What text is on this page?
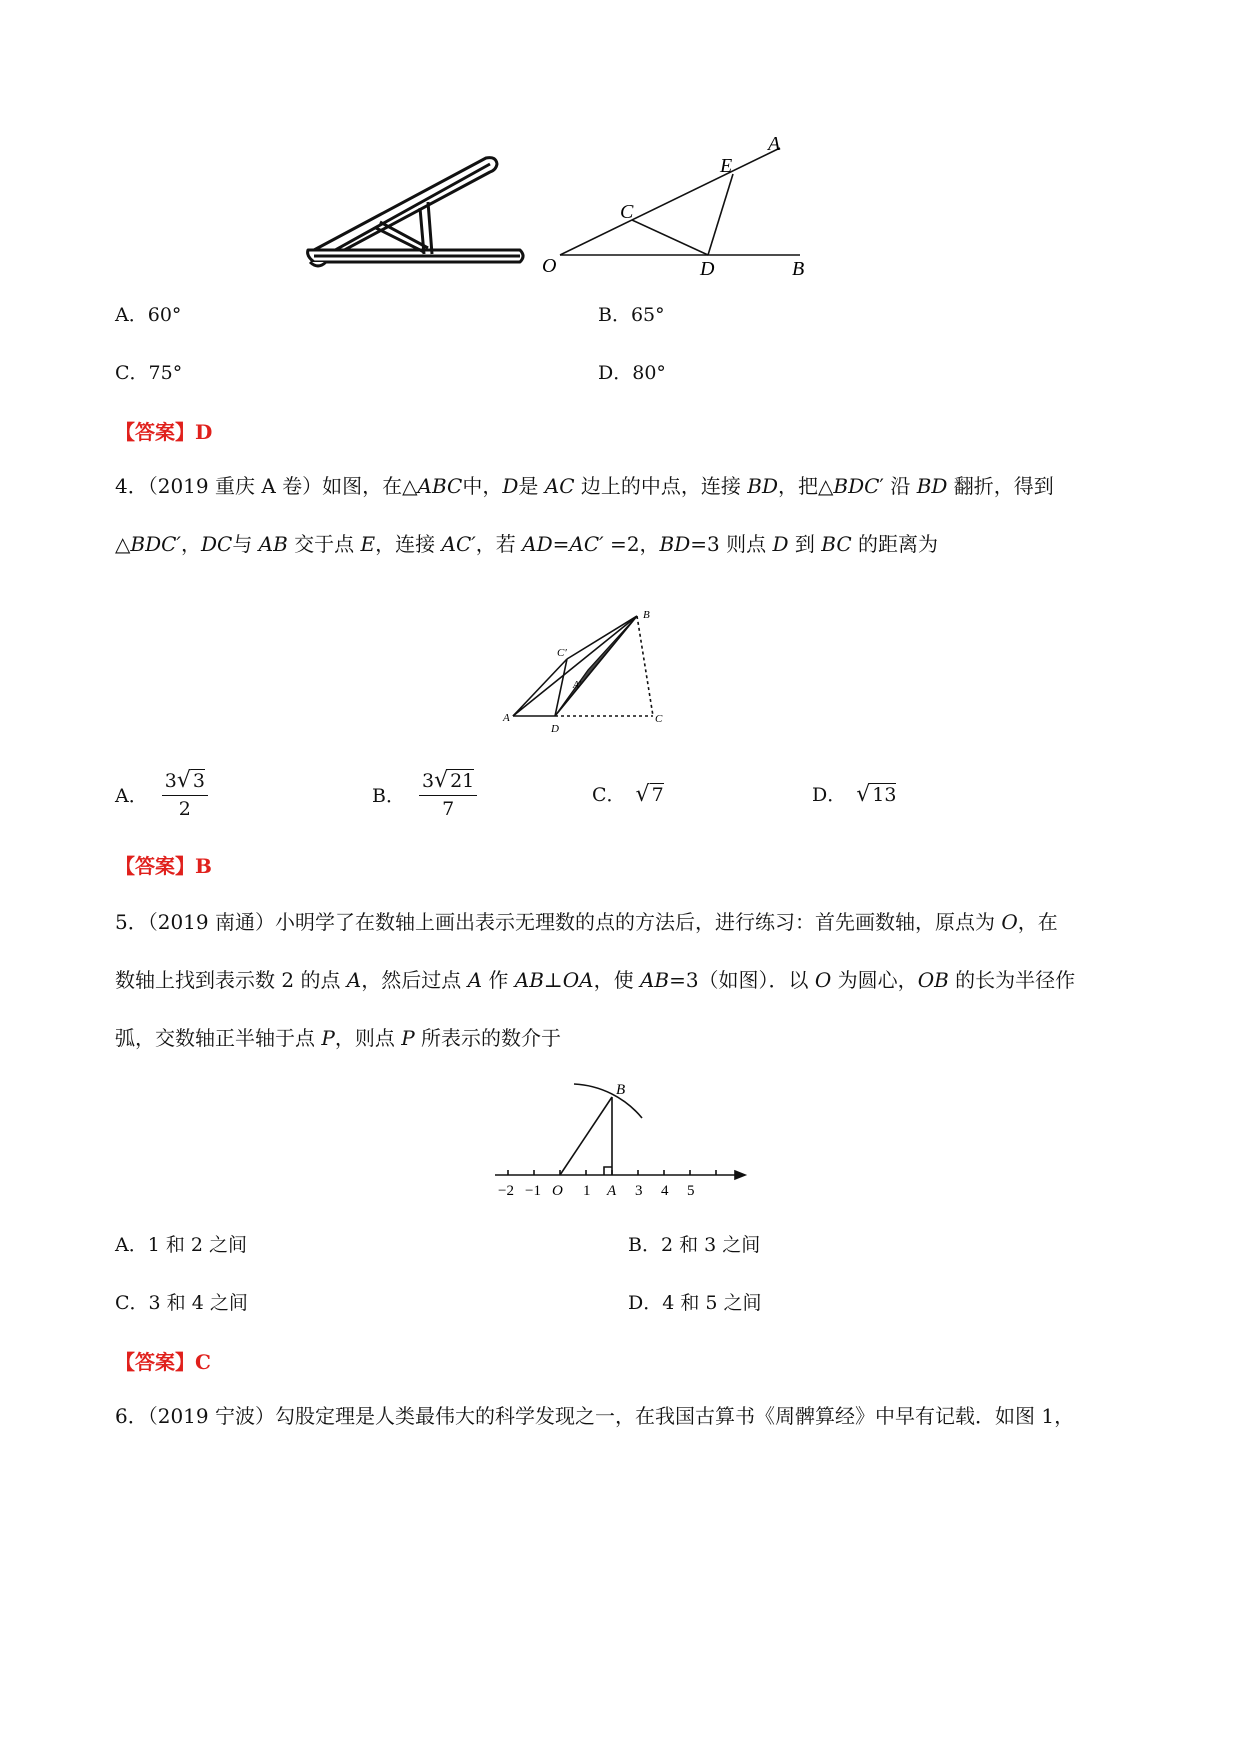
A
E
C
O	D	B
A．60°	B．65°
C．75°	D．80°
【答案】D
4．（2019 重庆 A 卷）如图，在△ABC中，D是 AC 边上的中点，连接 BD，把△BDC′ 沿 BD 翻折，得到
△BDC′，DC与 AB 交于点 E，连接 AC′，若 AD=AC′ =2，BD=3 则点 D 到 BC 的距离为
B
C′
A′
A
D
C
A． $\frac{3√ 3}{2}$	B． $\frac{3√ 21}{7}$	C． √ 7	D． √ 13
【答案】B
5．（2019 南通）小明学了在数轴上画出表示无理数的点的方法后，进行练习：首先画数轴，原点为 O，在
数轴上找到表示数 2 的点 A，然后过点 A 作 AB⊥OA，使 AB=3（如图）．以 O 为圆心，OB 的长为半径作
弧，交数轴正半轴于点 P，则点 P 所表示的数介于
B
−2 −1 O 1 A 3 4 5
A．1 和 2 之间	B．2 和 3 之间
C．3 和 4 之间	D．4 和 5 之间
【答案】C
6．（2019 宁波）勾股定理是人类最伟大的科学发现之一，在我国古算书《周髀算经》中早有记载．如图 1，
